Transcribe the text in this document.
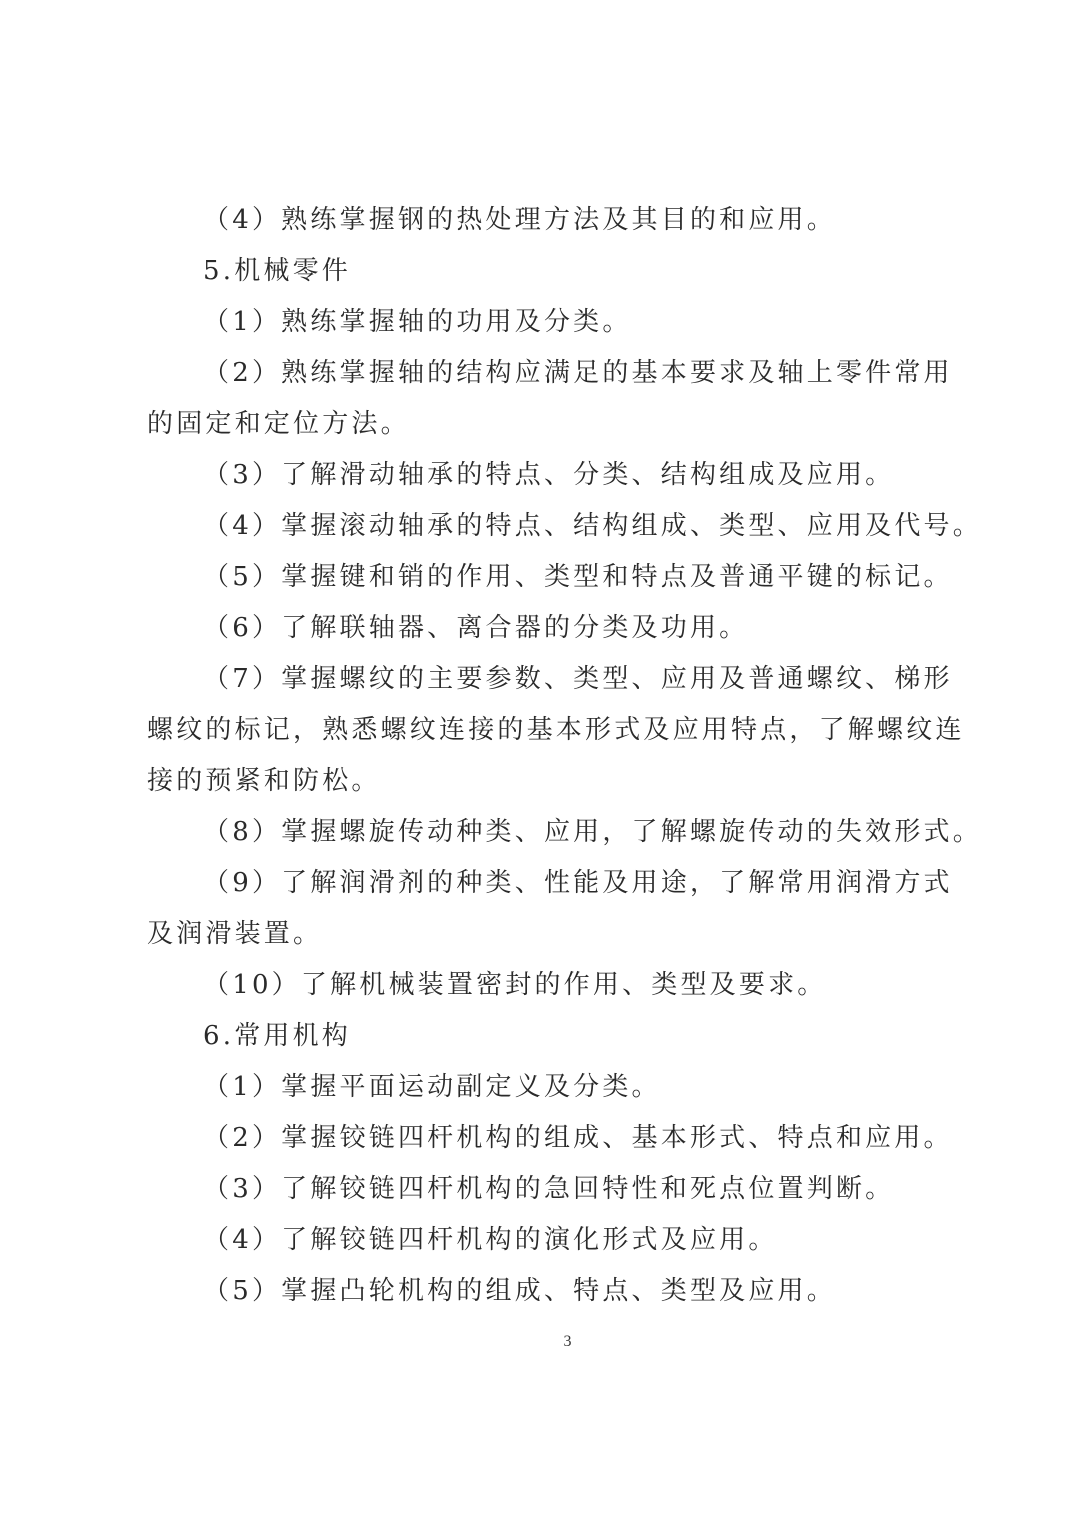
（4）熟练掌握钢的热处理方法及其目的和应用。
5.机械零件
（1）熟练掌握轴的功用及分类。
（2）熟练掌握轴的结构应满足的基本要求及轴上零件常用
的固定和定位方法。
（3）了解滑动轴承的特点、分类、结构组成及应用。
（4）掌握滚动轴承的特点、结构组成、类型、应用及代号。
（5）掌握键和销的作用、类型和特点及普通平键的标记。
（6）了解联轴器、离合器的分类及功用。
（7）掌握螺纹的主要参数、类型、应用及普通螺纹、梯形
螺纹的标记，熟悉螺纹连接的基本形式及应用特点，了解螺纹连
接的预紧和防松。
（8）掌握螺旋传动种类、应用，了解螺旋传动的失效形式。
（9）了解润滑剂的种类、性能及用途，了解常用润滑方式
及润滑装置。
（10）了解机械装置密封的作用、类型及要求。
6.常用机构
（1）掌握平面运动副定义及分类。
（2）掌握铰链四杆机构的组成、基本形式、特点和应用。
（3）了解铰链四杆机构的急回特性和死点位置判断。
（4）了解铰链四杆机构的演化形式及应用。
（5）掌握凸轮机构的组成、特点、类型及应用。
3
